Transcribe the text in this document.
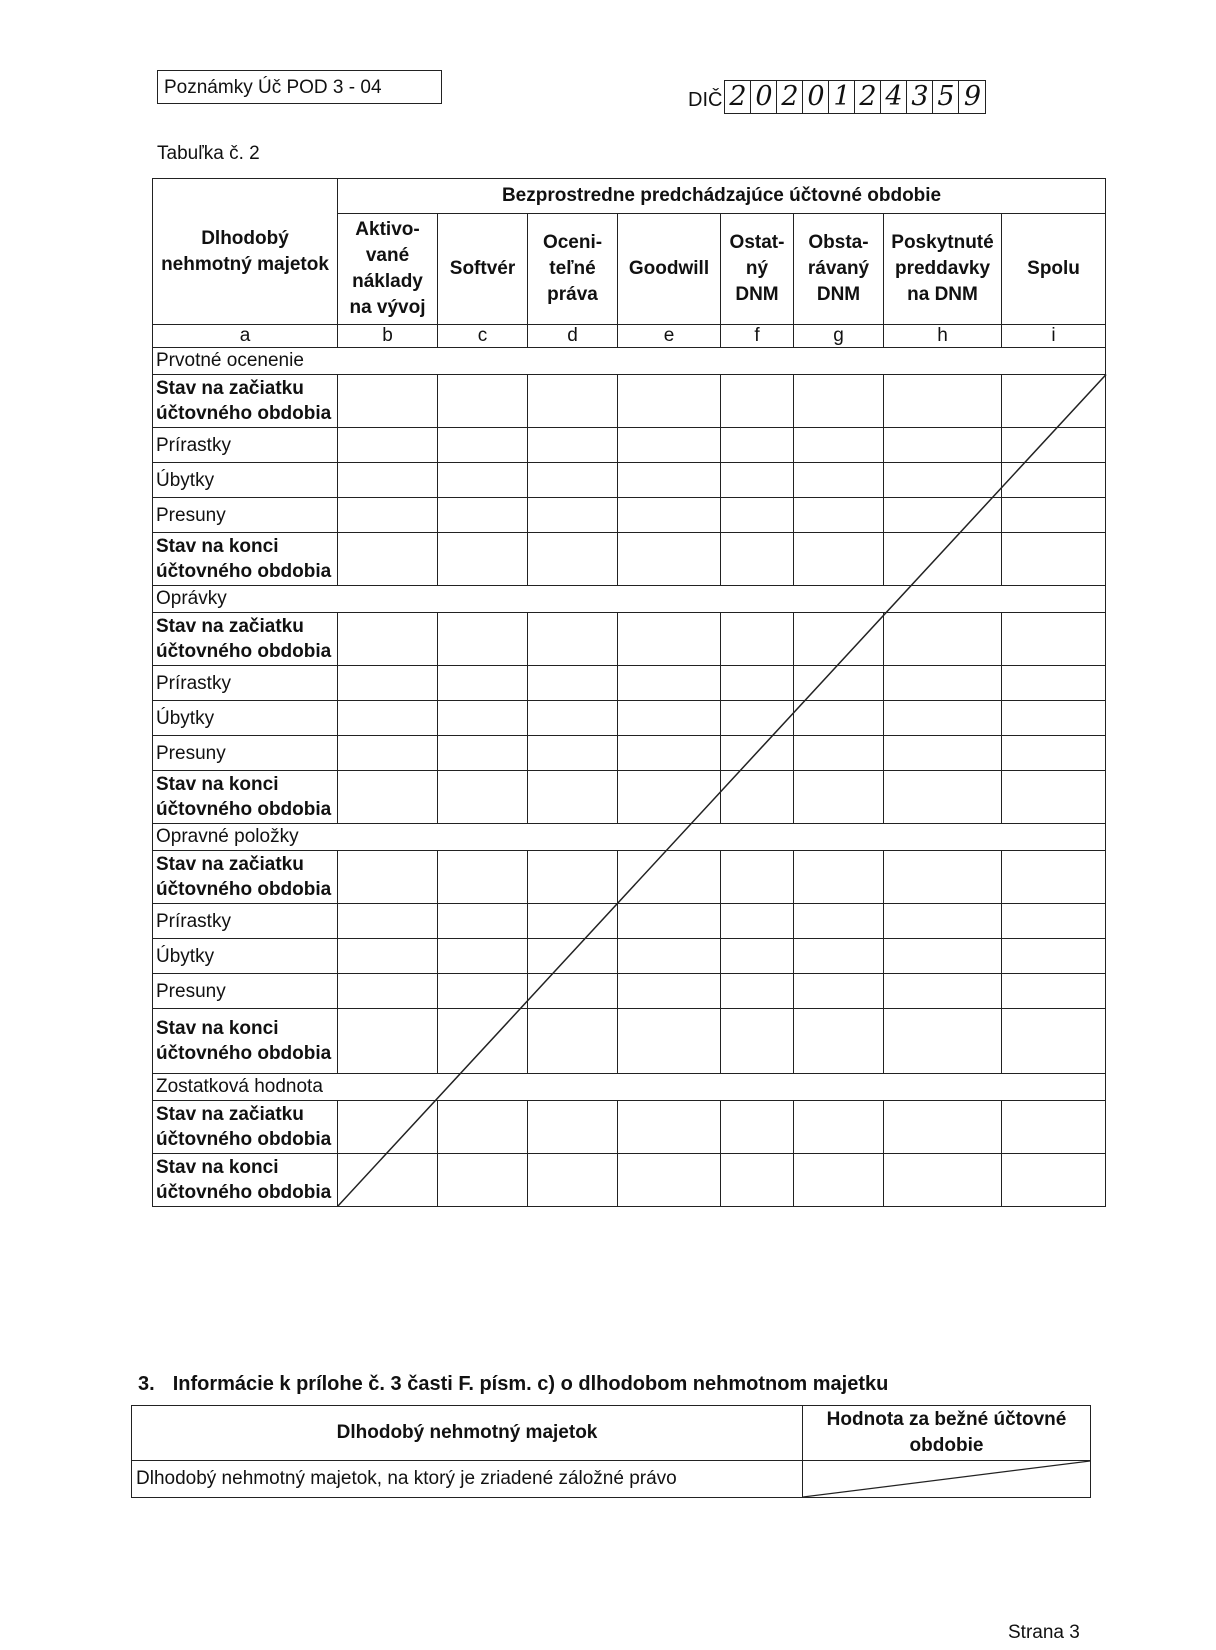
Poznámky Úč POD 3 - 04
DIČ 2 0 2 0 1 2 4 3 5 9
Tabuľka č. 2
Dlhodobý nehmotný majetok	Bezprostredne predchádzajúce účtovné obdobie							
	Aktivo-vané náklady na vývoj	Softvér	Oceni-teľné práva	Goodwill	Ostat-ný DNM	Obsta-rávaný DNM	Poskytnuté preddavky na DNM	Spolu
a	b	c	d	e	f	g	h	i
Prvotné ocenenie								
Stav na začiatku účtovného obdobia								
Prírastky								
Úbytky								
Presuny								
Stav na konci účtovného obdobia								
Oprávky								
Stav na začiatku účtovného obdobia								
Prírastky								
Úbytky								
Presuny								
Stav na konci účtovného obdobia								
Opravné položky								
Stav na začiatku účtovného obdobia								
Prírastky								
Úbytky								
Presuny								
Stav na konci účtovného obdobia								
Zostatková hodnota								
Stav na začiatku účtovného obdobia								
Stav na konci účtovného obdobia								
3. Informácie k prílohe č. 3 časti F. písm. c) o dlhodobom nehmotnom majetku
Dlhodobý nehmotný majetok	Hodnota za bežné účtovné obdobie
Dlhodobý nehmotný majetok, na ktorý je zriadené záložné právo	
Strana 3
